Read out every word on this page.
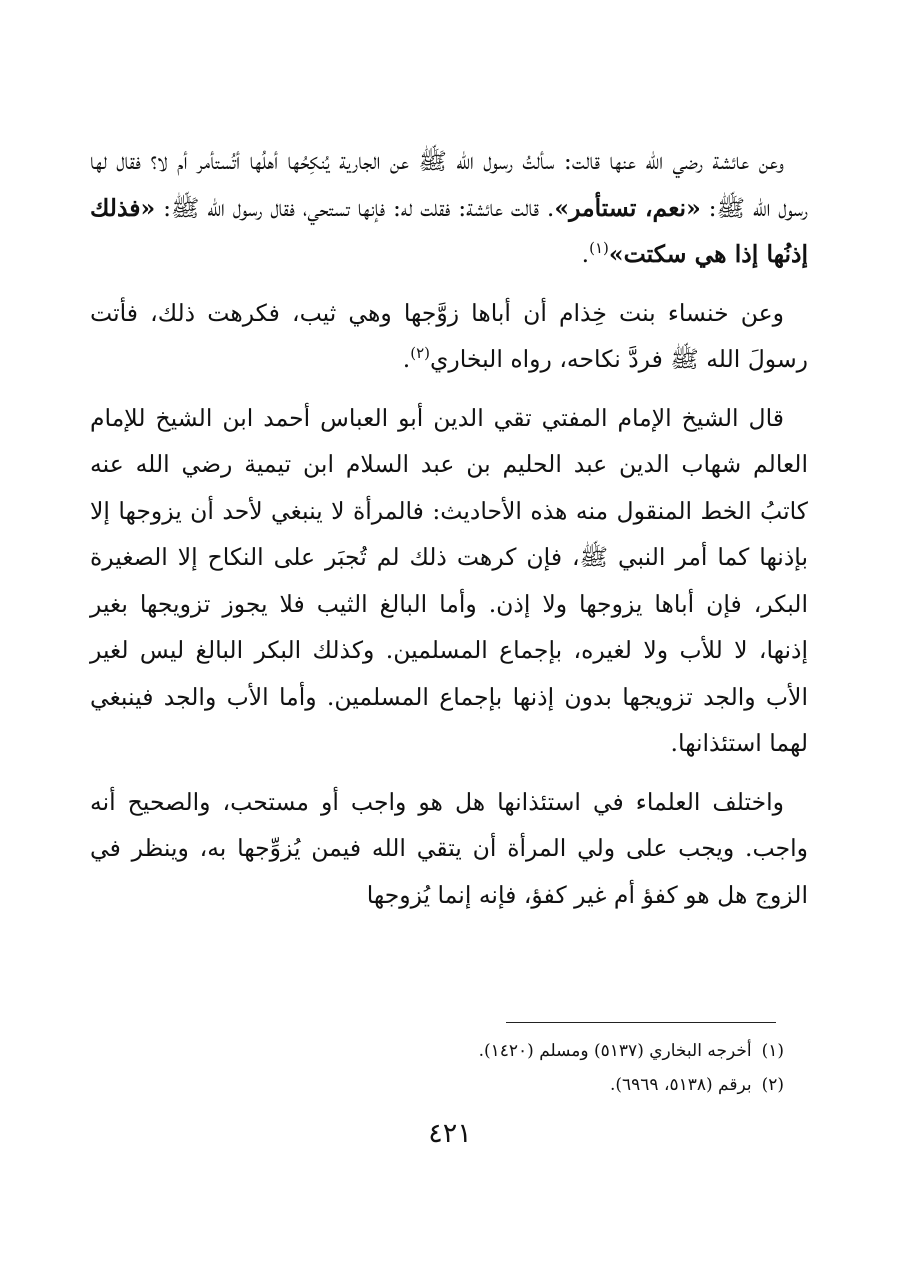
وعن عائشة رضي الله عنها قالت: سألتُ رسول الله ﷺ عن الجارية يُنكِحُها أهلُها أتُستأمر أم لا؟ فقال لها رسول الله ﷺ: «نعم، تستأمر». قالت عائشة: فقلت له: فإنها تستحي، فقال رسول الله ﷺ: «فذلك إذنُها إذا هي سكتت»$^{(١)}$.

وعن خنساء بنت خِذام أن أباها زوَّجها وهي ثيب، فكرهت ذلك، فأتت رسولَ الله ﷺ فردَّ نكاحه، رواه البخاري$^{(٢)}$.

قال الشيخ الإمام المفتي تقي الدين أبو العباس أحمد ابن الشيخ للإمام العالم شهاب الدين عبد الحليم بن عبد السلام ابن تيمية رضي الله عنه كاتبُ الخط المنقول منه هذه الأحاديث: فالمرأة لا ينبغي لأحد أن يزوجها إلا بإذنها كما أمر النبي ﷺ، فإن كرهت ذلك لم تُجبَر على النكاح إلا الصغيرة البكر، فإن أباها يزوجها ولا إذن. وأما البالغ الثيب فلا يجوز تزويجها بغير إذنها، لا للأب ولا لغيره، بإجماع المسلمين. وكذلك البكر البالغ ليس لغير الأب والجد تزويجها بدون إذنها بإجماع المسلمين. وأما الأب والجد فينبغي لهما استئذانها.

واختلف العلماء في استئذانها هل هو واجب أو مستحب، والصحيح أنه واجب. ويجب على ولي المرأة أن يتقي الله فيمن يُزوِّجها به، وينظر في الزوج هل هو كفؤ أم غير كفؤ، فإنه إنما يُزوجها

(١)أخرجه البخاري (٥١٣٧) ومسلم (١٤٢٠).

(٢)برقم (٥١٣٨، ٦٩٦٩).

٤٢١
